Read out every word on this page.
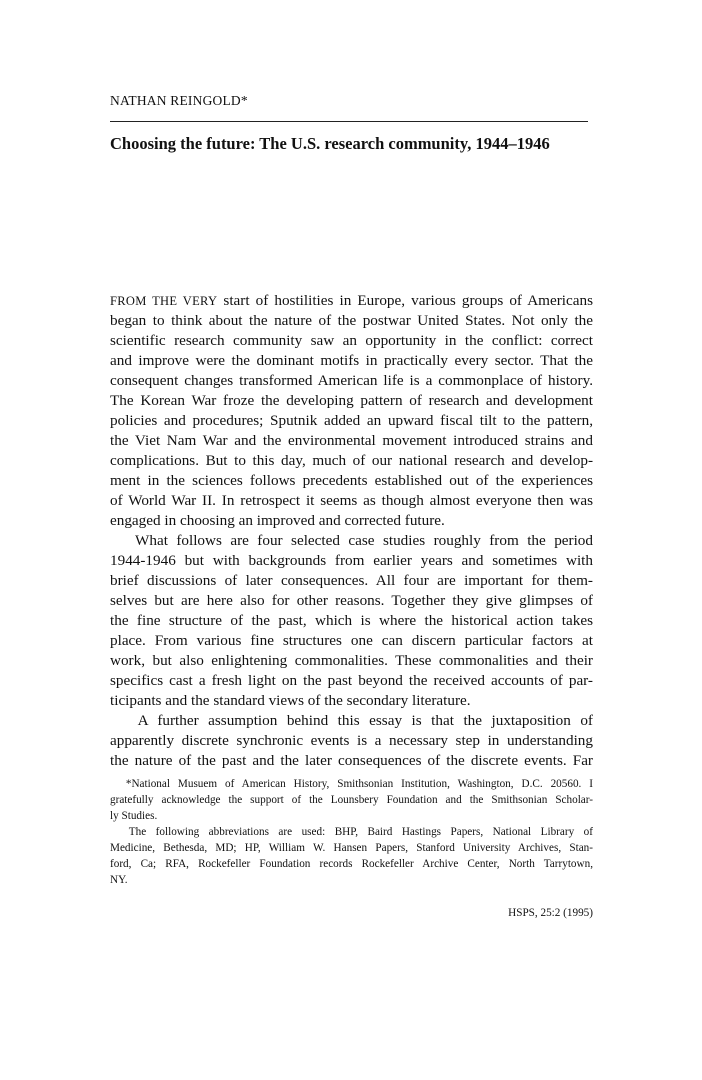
NATHAN REINGOLD*
Choosing the future: The U.S. research community, 1944–1946
FROM THE VERY start of hostilities in Europe, various groups of Americans
began to think about the nature of the postwar United States. Not only the
scientific research community saw an opportunity in the conflict: correct
and improve were the dominant motifs in practically every sector. That the
consequent changes transformed American life is a commonplace of history.
The Korean War froze the developing pattern of research and development
policies and procedures; Sputnik added an upward fiscal tilt to the pattern,
the Viet Nam War and the environmental movement introduced strains and
complications. But to this day, much of our national research and develop-
ment in the sciences follows precedents established out of the experiences
of World War II. In retrospect it seems as though almost everyone then was
engaged in choosing an improved and corrected future.
What follows are four selected case studies roughly from the period
1944-1946 but with backgrounds from earlier years and sometimes with
brief discussions of later consequences. All four are important for them-
selves but are here also for other reasons. Together they give glimpses of
the fine structure of the past, which is where the historical action takes
place. From various fine structures one can discern particular factors at
work, but also enlightening commonalities. These commonalities and their
specifics cast a fresh light on the past beyond the received accounts of par-
ticipants and the standard views of the secondary literature.
A further assumption behind this essay is that the juxtaposition of
apparently discrete synchronic events is a necessary step in understanding
the nature of the past and the later consequences of the discrete events. Far
*National Musuem of American History, Smithsonian Institution, Washington, D.C. 20560. I
gratefully acknowledge the support of the Lounsbery Foundation and the Smithsonian Scholar-
ly Studies.
The following abbreviations are used: BHP, Baird Hastings Papers, National Library of
Medicine, Bethesda, MD; HP, William W. Hansen Papers, Stanford University Archives, Stan-
ford, Ca; RFA, Rockefeller Foundation records Rockefeller Archive Center, North Tarrytown,
NY.
HSPS, 25:2 (1995)
